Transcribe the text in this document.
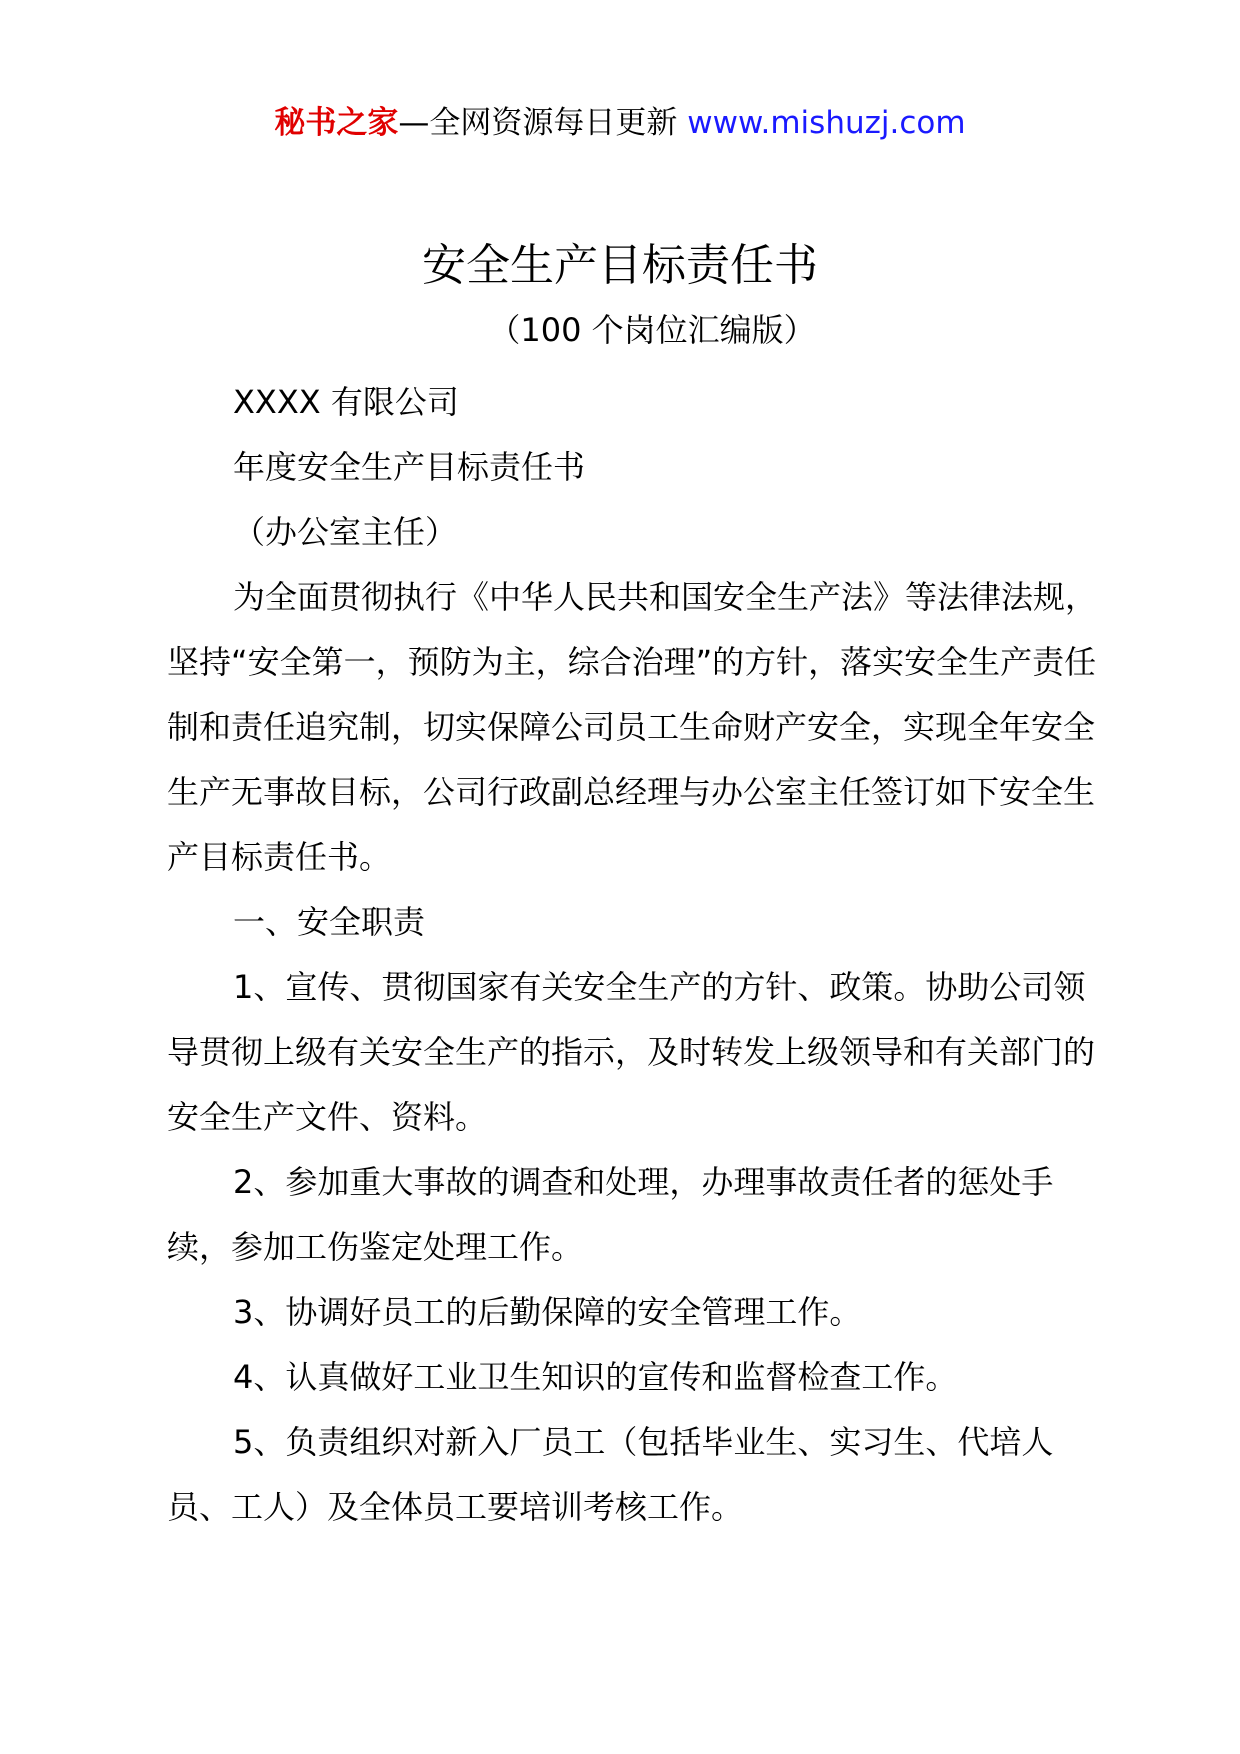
秘书之家—全网资源每日更新 www.mishuzj.com
安全生产目标责任书
（100 个岗位汇编版）

XXXX 有限公司

年度安全生产目标责任书

（办公室主任）

为全面贯彻执行《中华人民共和国安全生产法》等法律法规，坚持“安全第一，预防为主，综合治理”的方针，落实安全生产责任制和责任追究制，切实保障公司员工生命财产安全，实现全年安全生产无事故目标，公司行政副总经理与办公室主任签订如下安全生产目标责任书。

一、安全职责

1、宣传、贯彻国家有关安全生产的方针、政策。协助公司领导贯彻上级有关安全生产的指示，及时转发上级领导和有关部门的安全生产文件、资料。

2、参加重大事故的调查和处理，办理事故责任者的惩处手续，参加工伤鉴定处理工作。

3、协调好员工的后勤保障的安全管理工作。

4、认真做好工业卫生知识的宣传和监督检查工作。

5、负责组织对新入厂员工（包括毕业生、实习生、代培人员、工人）及全体员工要培训考核工作。
